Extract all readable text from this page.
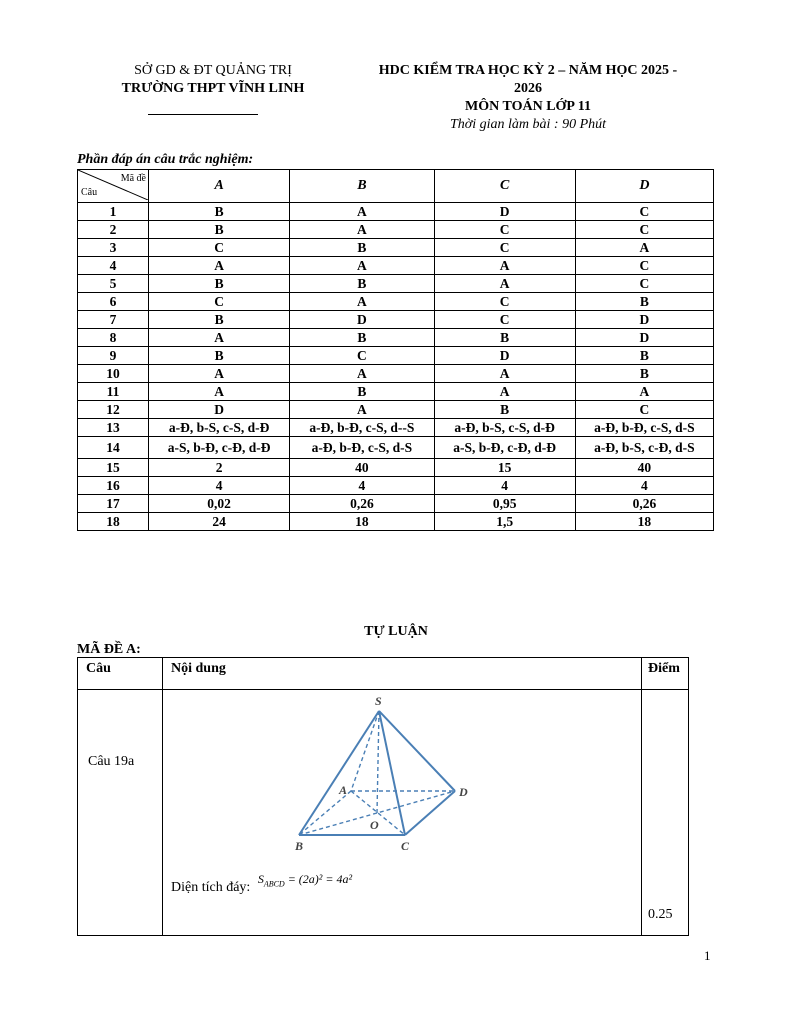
SỞ GD & ĐT QUẢNG TRỊ
TRƯỜNG THPT VĨNH LINH
HDC KIỂM TRA HỌC KỲ 2 – NĂM HỌC 2025 -
2026
MÔN TOÁN LỚP 11
Thời gian làm bài : 90 Phút
Phần đáp án câu trắc nghiệm:
Mã đề
Câu	A	B	C	D
1	B	A	D	C
2	B	A	C	C
3	C	B	C	A
4	A	A	A	C
5	B	B	A	C
6	C	A	C	B
7	B	D	C	D
8	A	B	B	D
9	B	C	D	B
10	A	A	A	B
11	A	B	A	A
12	D	A	B	C
13	a-Đ, b-S, c-S, d-Đ	a-Đ, b-Đ, c-S, d--S	a-Đ, b-S, c-S, d-Đ	a-Đ, b-Đ, c-S, d-S
14	a-S, b-Đ, c-Đ, d-Đ	a-Đ, b-Đ, c-S, d-S	a-S, b-Đ, c-Đ, d-Đ	a-Đ, b-S, c-Đ, d-S
15	2	40	15	40
16	4	4	4	4
17	0,02	0,26	0,95	0,26
18	24	18	1,5	18
TỰ LUẬN
MÃ ĐỀ A:
Câu	Nội dung	Điểm
Câu 19a	Diện tích đáy: $S_{ABCD} = (2a)^2 = 4a^2$	0.25
S
A
B	C
D
O
1
